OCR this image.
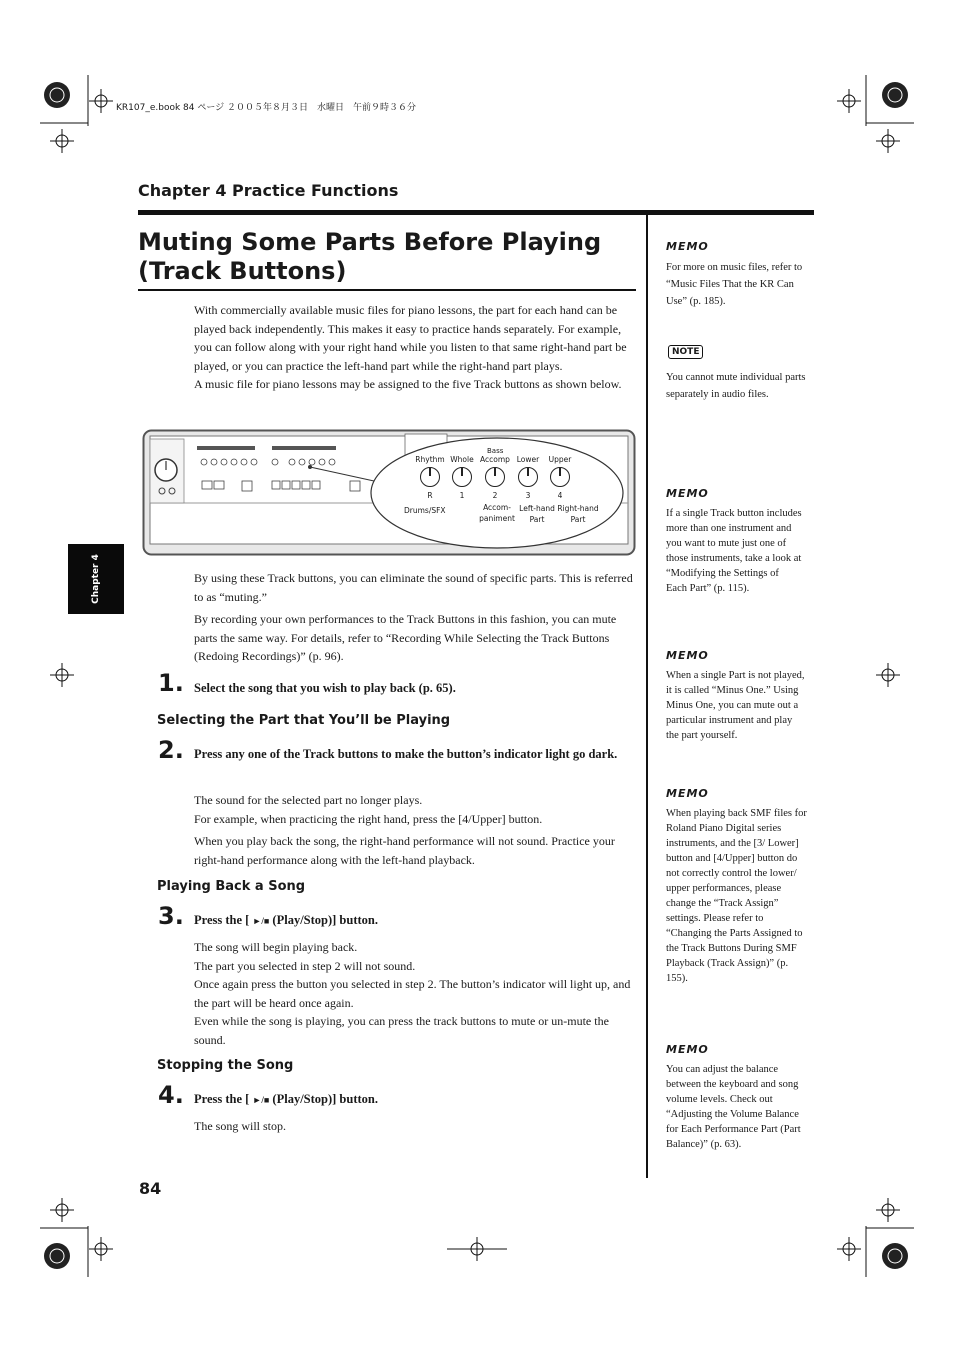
KR107_e.book 84 ページ ２００５年８月３日　水曜日　午前９時３６分
Chapter 4 Practice Functions
Chapter 4
Muting Some Parts Before Playing
(Track Buttons)

With commercially available music files for piano lessons, the part for each hand can be played back independently. This makes it easy to practice hands separately. For example, you can follow along with your right hand while you listen to that same right-hand part be played, or you can practice the left-hand part while the right-hand part plays.

A music file for piano lessons may be assigned to the five Track buttons as shown below.

Bass
Rhythm
R
Whole
1
Accomp
2
Lower
3
Upper
4
Drums/SFX	Accom-
paniment
Left-hand
Part
Right-hand
Part

By using these Track buttons, you can eliminate the sound of specific parts. This is referred to as “muting.”

By recording your own performances to the Track Buttons in this fashion, you can mute parts the same way. For details, refer to “Recording While Selecting the Track Buttons (Redoing Recordings)” (p. 96).

1. Select the song that you wish to play back (p. 65).
Selecting the Part that You’ll be Playing
2. Press any one of the Track buttons to make the button’s indicator light go dark.

The sound for the selected part no longer plays.

For example, when practicing the right hand, press the [4/Upper] button.

When you play back the song, the right-hand performance will not sound. Practice your right-hand performance along with the left-hand playback.

Playing Back a Song
3. Press the [ ►/■ (Play/Stop)] button.

The song will begin playing back.

The part you selected in step 2 will not sound.

Once again press the button you selected in step 2. The button’s indicator will light up, and the part will be heard once again.

Even while the song is playing, you can press the track buttons to mute or un-mute the sound.

Stopping the Song
4. Press the [ ►/■ (Play/Stop)] button.

The song will stop.

84
MEMO

For more on music files, refer to “Music Files That the KR Can Use” (p. 185).

NOTE

You cannot mute individual parts separately in audio files.

MEMO

If a single Track button includes more than one instrument and you want to mute just one of those instruments, take a look at “Modifying the Settings of Each Part” (p. 115).

MEMO

When a single Part is not played, it is called “Minus One.” Using Minus One, you can mute out a particular instrument and play the part yourself.

MEMO

When playing back SMF files for Roland Piano Digital series instruments, and the [3/ Lower] button and [4/Upper] button do not correctly control the lower/ upper performances, please change the “Track Assign” settings. Please refer to “Changing the Parts Assigned to the Track Buttons During SMF Playback (Track Assign)” (p. 155).

MEMO

You can adjust the balance between the keyboard and song volume levels. Check out “Adjusting the Volume Balance for Each Performance Part (Part Balance)” (p. 63).
